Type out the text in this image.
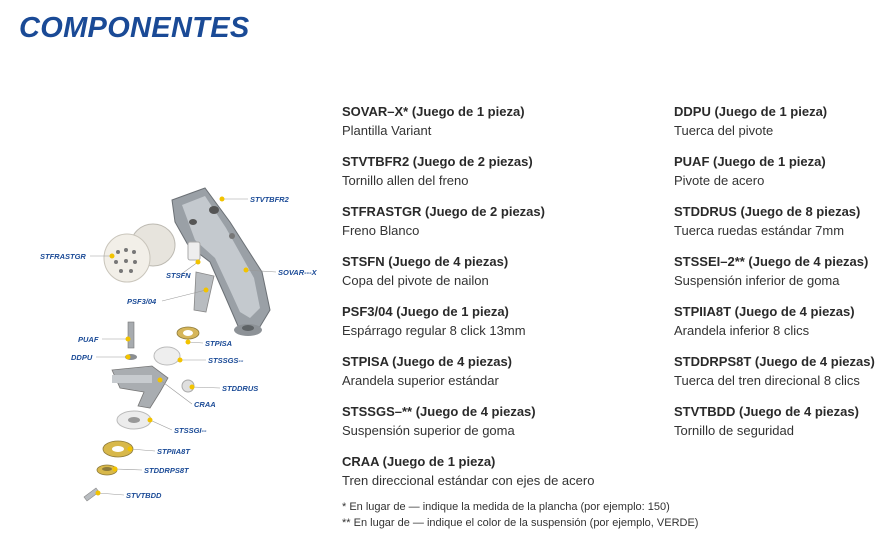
COMPONENTES
STVTBFR2
STFRASTGR
SOVAR---X
STSFN
PSF3/04
PUAF	STPISA
DDPU	STSSGS--
STDDRUS
CRAA
STSSGI--
STPIIA8T
STDDRPS8T
STVTBDD
SOVAR–X* (Juego de 1 pieza)
Plantilla Variant
STVTBFR2 (Juego de 2 piezas)
Tornillo allen del freno
STFRASTGR (Juego de 2 piezas)
Freno Blanco
STSFN (Juego de 4 piezas)
Copa del pivote de nailon
PSF3/04 (Juego de 1 pieza)
Espárrago regular 8 click 13mm
STPISA (Juego de 4 piezas)
Arandela superior estándar
STSSGS–** (Juego de 4 piezas)
Suspensión superior de goma
CRAA (Juego de 1 pieza)
Tren direccional estándar con ejes de acero
DDPU (Juego de 1 pieza)
Tuerca del pivote
PUAF (Juego de 1 pieza)
Pivote de acero
STDDRUS (Juego de 8 piezas)
Tuerca ruedas estándar 7mm
STSSEI–2** (Juego de 4 piezas)
Suspensión inferior de goma
STPIIA8T (Juego de 4 piezas)
Arandela inferior 8 clics
STDDRPS8T (Juego de 4 piezas)
Tuerca del tren direcional 8 clics
STVTBDD (Juego de 4 piezas)
Tornillo de seguridad
* En lugar de — indique la medida de la plancha (por ejemplo: 150)
** En lugar de — indique el color de la suspensión (por ejemplo, VERDE)
